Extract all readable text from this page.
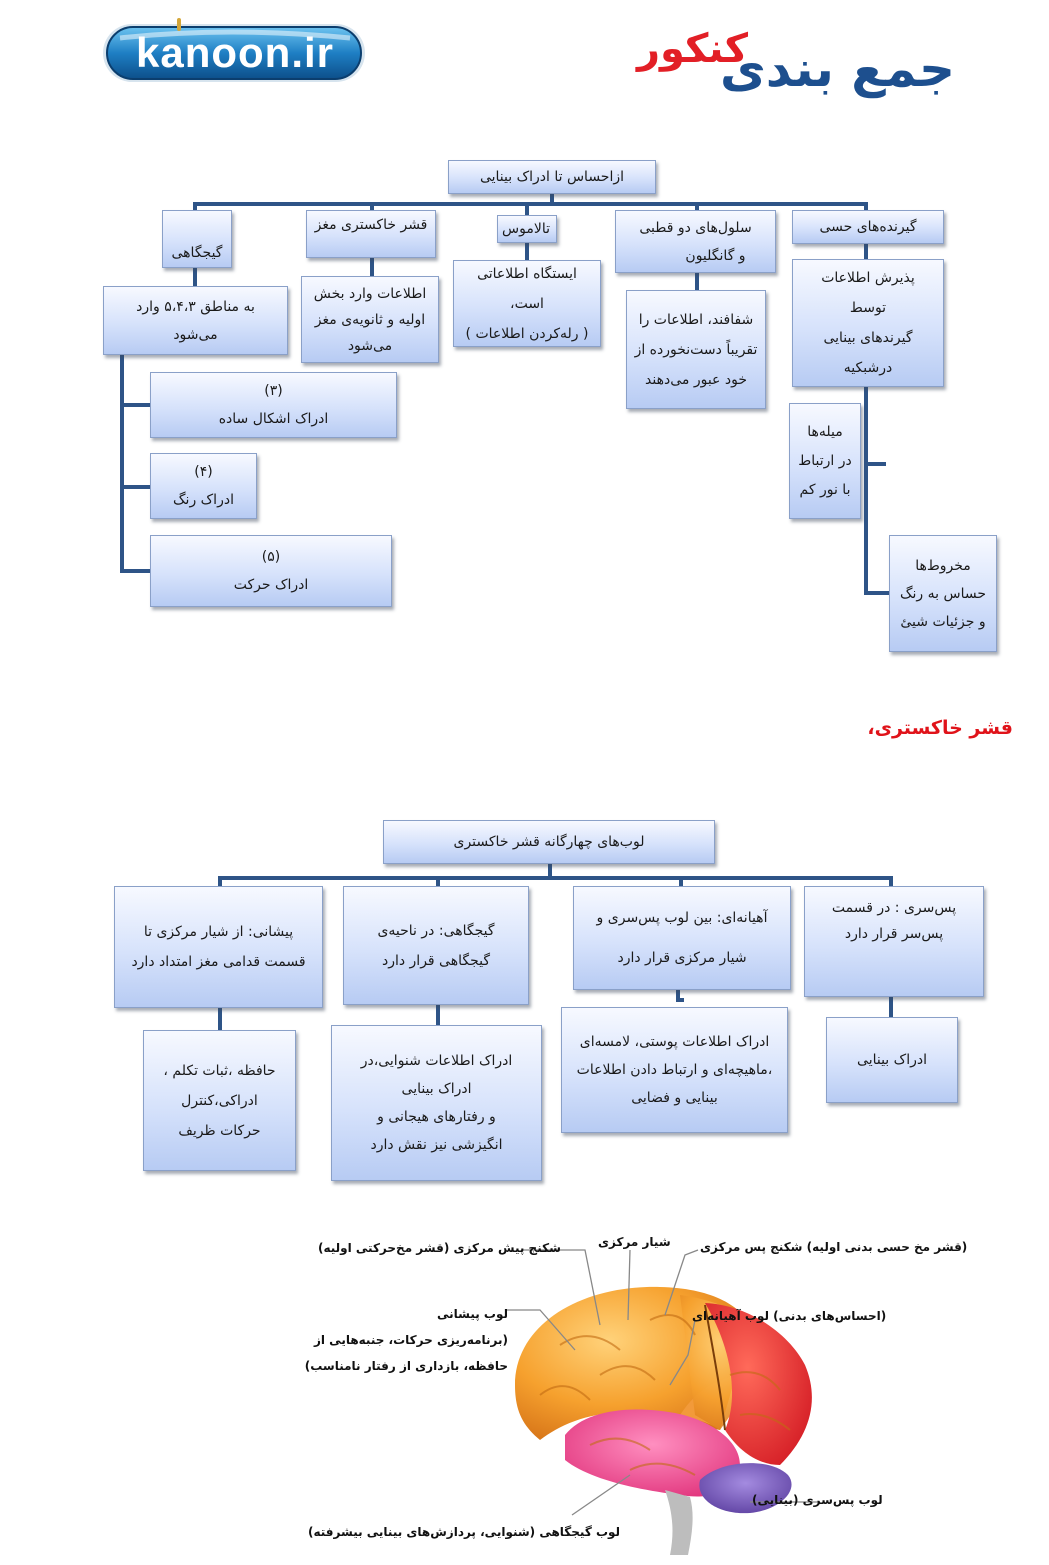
kanoon.ir	جمع بندی
کنکور
ازاحساس تا ادراک بینایی
گیرنده‌های حسی
پذیرش اطلاعات
توسط
گیرندهای بینایی
درشبکیه
میله‌ها
در ارتباط
با نور کم
مخروط‌ها
حساس به رنگ
و جزئیات شیئ
سلول‌های دو قطبی
و گانگلیون
شفافند، اطلاعات را
تقریباً دست‌نخورده از
خود عبور می‌دهند
تالاموس
ایستگاه اطلاعاتی است،
( رله‌کردن اطلاعات )
قشر خاکستری مغز
اطلاعات وارد بخش
اولیه و ثانویه‌ی مغز
می‌شود
گیجگاهی
به مناطق ۵،۴،۳ وارد
می‌شود
(۳)
ادراک اشکال ساده
(۴)
ادراک رنگ
(۵)
ادراک حرکت
قشر خاکستری،
لوب‌های چهارگانه قشر خاکستری
پس‌سری : در قسمت
پس‌سر قرار دارد
ادراک بینایی
آهیانه‌ای: بین لوب پس‌سری و
شیار مرکزی قرار دارد
ادراک اطلاعات پوستی، لامسه‌ای
،ماهیچه‌ای و ارتباط دادن اطلاعات
بینایی و فضایی
گیجگاهی: در ناحیه‌ی
گیجگاهی قرار دارد
ادراک اطلاعات شنوایی،در
ادراک بینایی
و رفتارهای هیجانی و
انگیزشی نیز نقش دارد
پیشانی: از شیار مرکزی تا
قسمت قدامی مغز امتداد دارد
حافظه ،ثبات تکلم ،
ادراکی،کنترل
حرکات ظریف
شکنج پیش مرکزی (قشر مخ‌حرکتی اولیه)	شیار مرکزی (قشر مخ حسی بدنی اولیه) شکنج پس مرکزی
لوب پیشانی
(برنامه‌ریزی حرکات، جنبه‌هایی از
حافظه، بازداری از رفتار نامناسب)
(احساس‌های بدنی) لوب آهیانه‌ای
لوب پس‌سری (بینایی)
لوب گیجگاهی (شنوایی، پردازش‌های بینایی بیشرفته)
